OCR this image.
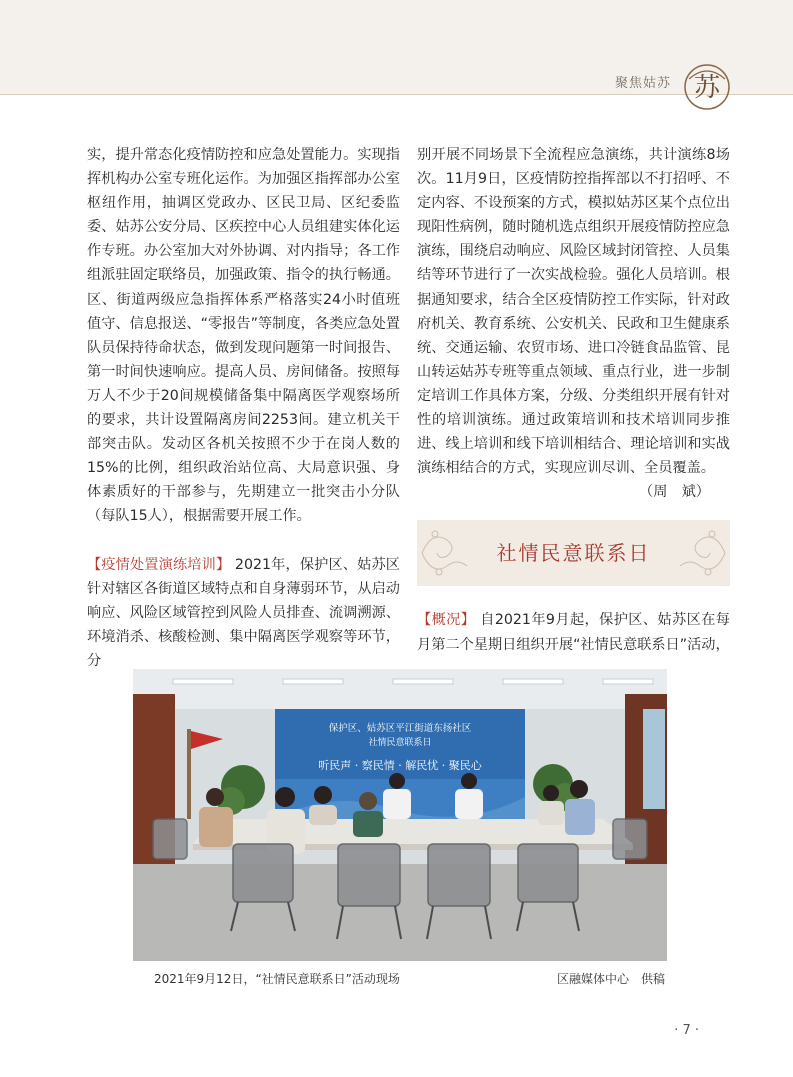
聚焦姑苏 苏

实，提升常态化疫情防控和应急处置能力。实现指挥机构办公室专班化运作。为加强区指挥部办公室枢纽作用，抽调区党政办、区民卫局、区纪委监委、姑苏公安分局、区疾控中心人员组建实体化运作专班。办公室加大对外协调、对内指导；各工作组派驻固定联络员，加强政策、指令的执行畅通。区、街道两级应急指挥体系严格落实24小时值班值守、信息报送、“零报告”等制度，各类应急处置队员保持待命状态，做到发现问题第一时间报告、第一时间快速响应。提高人员、房间储备。按照每万人不少于20间规模储备集中隔离医学观察场所的要求，共计设置隔离房间2253间。建立机关干部突击队。发动区各机关按照不少于在岗人数的15%的比例，组织政治站位高、大局意识强、身体素质好的干部参与，先期建立一批突击小分队（每队15人），根据需要开展工作。

【疫情处置演练培训】 2021年，保护区、姑苏区针对辖区各街道区域特点和自身薄弱环节，从启动响应、风险区域管控到风险人员排查、流调溯源、环境消杀、核酸检测、集中隔离医学观察等环节，分

别开展不同场景下全流程应急演练，共计演练8场次。11月9日，区疫情防控指挥部以不打招呼、不定内容、不设预案的方式，模拟姑苏区某个点位出现阳性病例，随时随机选点组织开展疫情防控应急演练，围绕启动响应、风险区域封闭管控、人员集结等环节进行了一次实战检验。强化人员培训。根据通知要求，结合全区疫情防控工作实际，针对政府机关、教育系统、公安机关、民政和卫生健康系统、交通运输、农贸市场、进口冷链食品监管、昆山转运姑苏专班等重点领域、重点行业，进一步制定培训工作具体方案，分级、分类组织开展有针对性的培训演练。通过政策培训和技术培训同步推进、线上培训和线下培训相结合、理论培训和实战演练相结合的方式，实现应训尽训、全员覆盖。

（周　斌）

社情民意联系日

【概况】 自2021年9月起，保护区、姑苏区在每月第二个星期日组织开展“社情民意联系日”活动，

保护区、姑苏区平江街道东扬社区
社情民意联系日
听民声 · 察民情 · 解民忧 · 聚民心
2021年9月12日，“社情民意联系日”活动现场	区融媒体中心　供稿
· 7 ·
